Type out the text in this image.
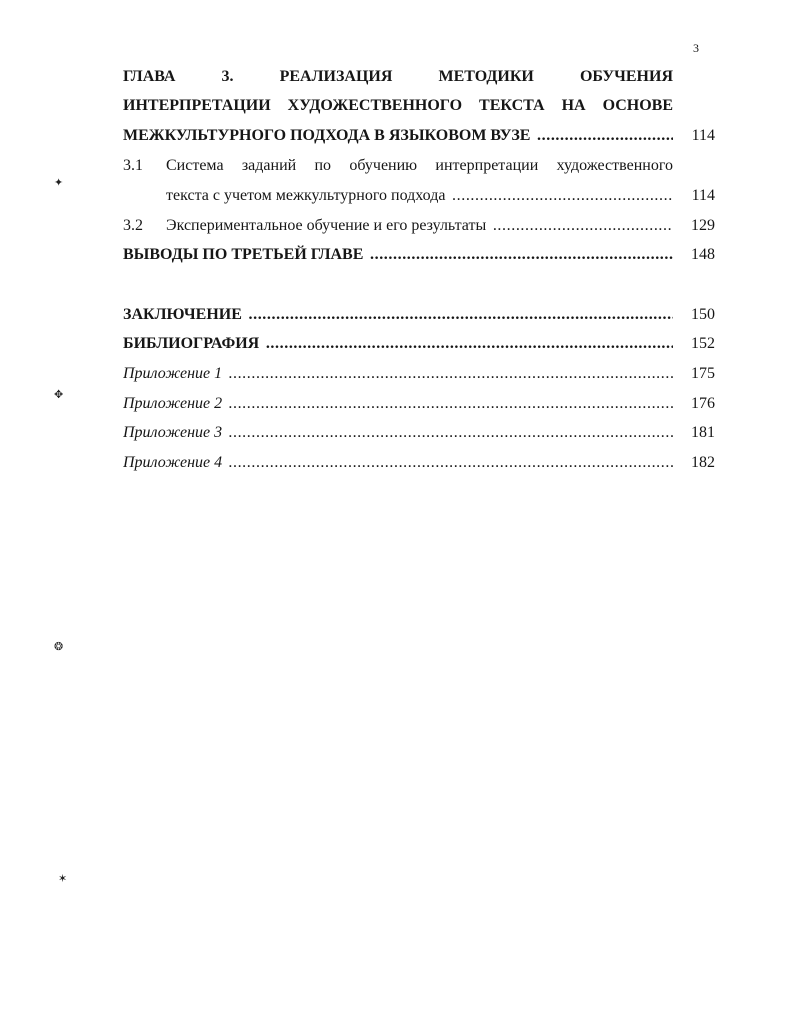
3
✦
✥
❂
✶
ГЛАВА 3. РЕАЛИЗАЦИЯ МЕТОДИКИ ОБУЧЕНИЯ
ИНТЕРПРЕТАЦИИ ХУДОЖЕСТВЕННОГО ТЕКСТА НА ОСНОВЕ
МЕЖКУЛЬТУРНОГО ПОДХОДА В ЯЗЫКОВОМ ВУЗЕ .....	114
3.1 Система заданий по обучению интерпретации художественного
текста с учетом межкультурного подхода .....	114
3.2 Экспериментальное обучение и его результаты .....	129
ВЫВОДЫ ПО ТРЕТЬЕЙ ГЛАВЕ .....	148
ЗАКЛЮЧЕНИЕ .....	150
БИБЛИОГРАФИЯ .....	152
Приложение 1 .....	175
Приложение 2 .....	176
Приложение 3 .....	181
Приложение 4 .....	182
